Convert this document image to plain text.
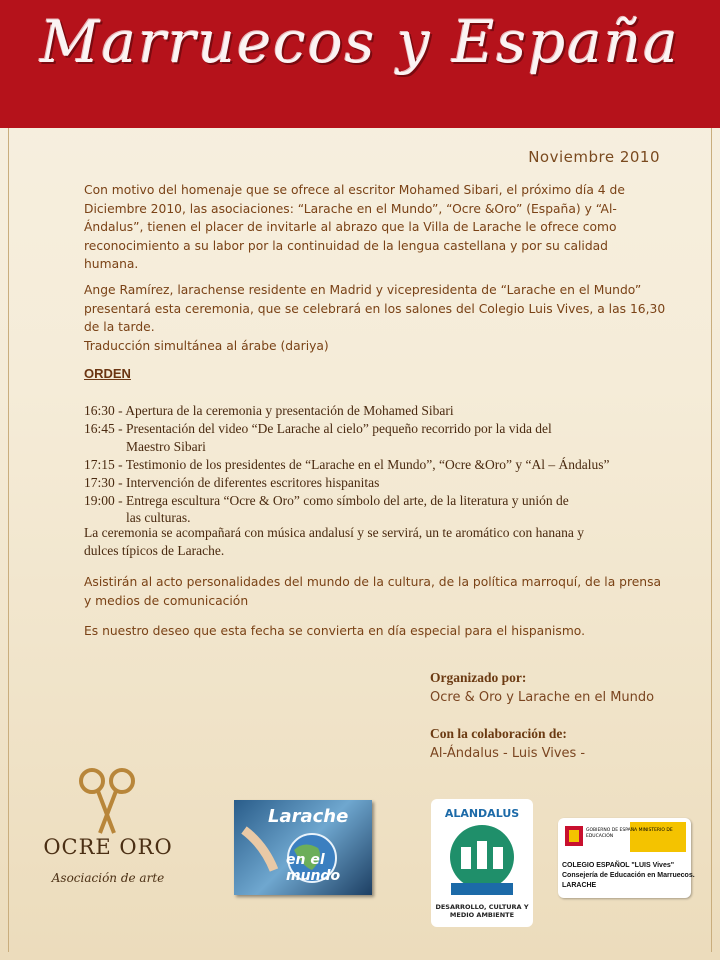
Marruecos y España
Noviembre 2010
Con motivo del homenaje que se ofrece al escritor Mohamed Sibari, el próximo día 4 de
Diciembre 2010, las asociaciones: “Larache en el Mundo”, “Ocre &Oro” (España) y “Al-
Ándalus”, tienen el placer de invitarle al abrazo que la Villa de Larache le ofrece como
reconocimiento a su labor por la continuidad de la lengua castellana y por su calidad
humana.
Ange Ramírez, larachense residente en Madrid y vicepresidenta de “Larache en el Mundo”
presentará esta ceremonia, que se celebrará en los salones del Colegio Luis Vives, a las 16,30
de la tarde.
Traducción simultánea al árabe (dariya)
ORDEN
16:30 - Apertura de la ceremonia y presentación de Mohamed Sibari
16:45 - Presentación del video “De Larache al cielo” pequeño recorrido por la vida del
Maestro Sibari
17:15 - Testimonio de los presidentes de “Larache en el Mundo”, “Ocre &Oro” y “Al – Ándalus”
17:30 - Intervención de diferentes escritores hispanitas
19:00 - Entrega escultura “Ocre & Oro” como símbolo del arte, de la literatura y unión de
las culturas.
La ceremonia se acompañará con música andalusí y se servirá, un te aromático con hanana y
dulces típicos de Larache.
Asistirán al acto personalidades del mundo de la cultura, de la política marroquí, de la prensa
y medios de comunicación
Es nuestro deseo que esta fecha se convierta en día especial para el hispanismo.
Organizado por:
Ocre & Oro y Larache en el Mundo
Con la colaboración de:
Al-Ándalus - Luis Vives -
OCRE ORO
Asociación de arte
Larache
en el mundo
ALANDALUS
DESARROLLO, CULTURA Y MEDIO AMBIENTE
GOBIERNO DE ESPAÑA MINISTERIO DE EDUCACIÓN
COLEGIO ESPAÑOL "LUIS Vives"
Consejería de Educación en Marruecos.
LARACHE
